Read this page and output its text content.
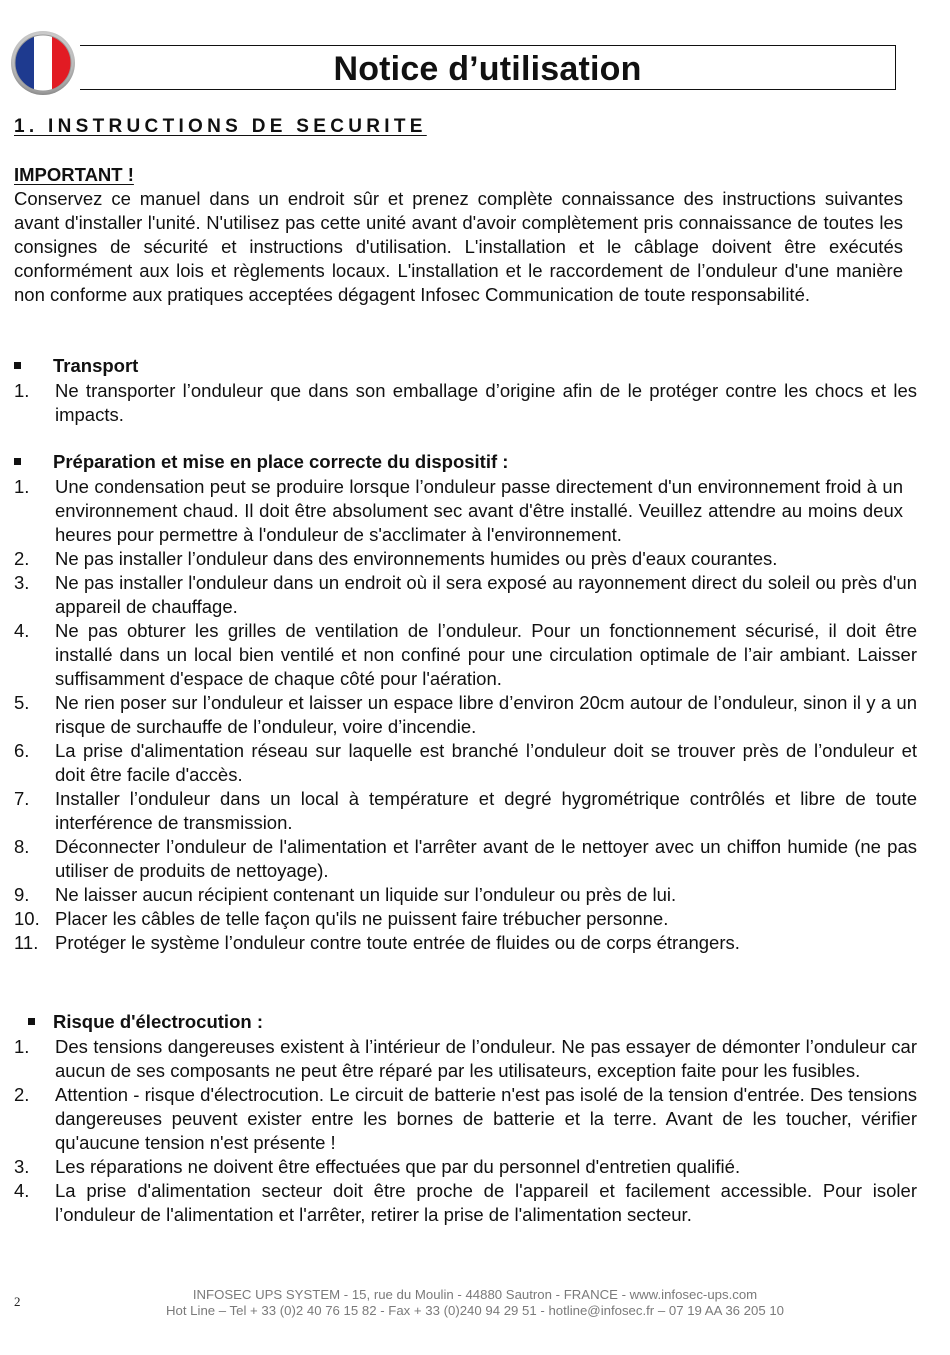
Notice d’utilisation
1. INSTRUCTIONS DE SECURITE
IMPORTANT !

Conservez ce manuel dans un endroit sûr et prenez complète connaissance des instructions suivantes avant d'installer l'unité. N'utilisez pas cette unité avant d'avoir complètement pris connaissance de toutes les consignes de sécurité et instructions d'utilisation. L'installation et le câblage doivent être exécutés conformément aux lois et règlements locaux. L'installation et le raccordement de l’onduleur d'une manière non conforme aux pratiques acceptées dégagent Infosec Communication de toute responsabilité.

Transport
1. Ne transporter l’onduleur que dans son emballage d’origine afin de le protéger contre les chocs et les impacts.
Préparation et mise en place correcte du dispositif :
1. Une condensation peut se produire lorsque l’onduleur passe directement d'un environnement froid à un environnement chaud. Il doit être absolument sec avant d'être installé. Veuillez attendre au moins deux heures pour permettre à l'onduleur de s'acclimater à l'environnement.
2. Ne pas installer l’onduleur dans des environnements humides ou près d'eaux courantes.
3. Ne pas installer l'onduleur dans un endroit où il sera exposé au rayonnement direct du soleil ou près d'un appareil de chauffage.
4. Ne pas obturer les grilles de ventilation de l’onduleur. Pour un fonctionnement sécurisé, il doit être installé dans un local bien ventilé et non confiné pour une circulation optimale de l’air ambiant. Laisser suffisamment d'espace de chaque côté pour l'aération.
5. Ne rien poser sur l’onduleur et laisser un espace libre d’environ 20cm autour de l’onduleur, sinon il y a un risque de surchauffe de l’onduleur, voire d’incendie.
6. La prise d'alimentation réseau sur laquelle est branché l’onduleur doit se trouver près de l’onduleur et doit être facile d'accès.
7. Installer l’onduleur dans un local à température et degré hygrométrique contrôlés et libre de toute interférence de transmission.
8. Déconnecter l’onduleur de l'alimentation et l'arrêter avant de le nettoyer avec un chiffon humide (ne pas utiliser de produits de nettoyage).
9. Ne laisser aucun récipient contenant un liquide sur l’onduleur ou près de lui.
10. Placer les câbles de telle façon qu'ils ne puissent faire trébucher personne.
11. Protéger le système l’onduleur contre toute entrée de fluides ou de corps étrangers.
Risque d'électrocution :
1. Des tensions dangereuses existent à l’intérieur de l’onduleur. Ne pas essayer de démonter l’onduleur car aucun de ses composants ne peut être réparé par les utilisateurs, exception faite pour les fusibles.
2. Attention - risque d'électrocution. Le circuit de batterie n'est pas isolé de la tension d'entrée. Des tensions dangereuses peuvent exister entre les bornes de batterie et la terre. Avant de les toucher, vérifier qu'aucune tension n'est présente !
3. Les réparations ne doivent être effectuées que par du personnel d'entretien qualifié.
4. La prise d'alimentation secteur doit être proche de l'appareil et facilement accessible. Pour isoler l’onduleur de l'alimentation et l'arrêter, retirer la prise de l'alimentation secteur.
2	INFOSEC UPS SYSTEM - 15, rue du Moulin - 44880 Sautron - FRANCE - www.infosec-ups.com
Hot Line – Tel + 33 (0)2 40 76 15 82 - Fax + 33 (0)240 94 29 51 - hotline@infosec.fr – 07 19 AA 36 205 10
